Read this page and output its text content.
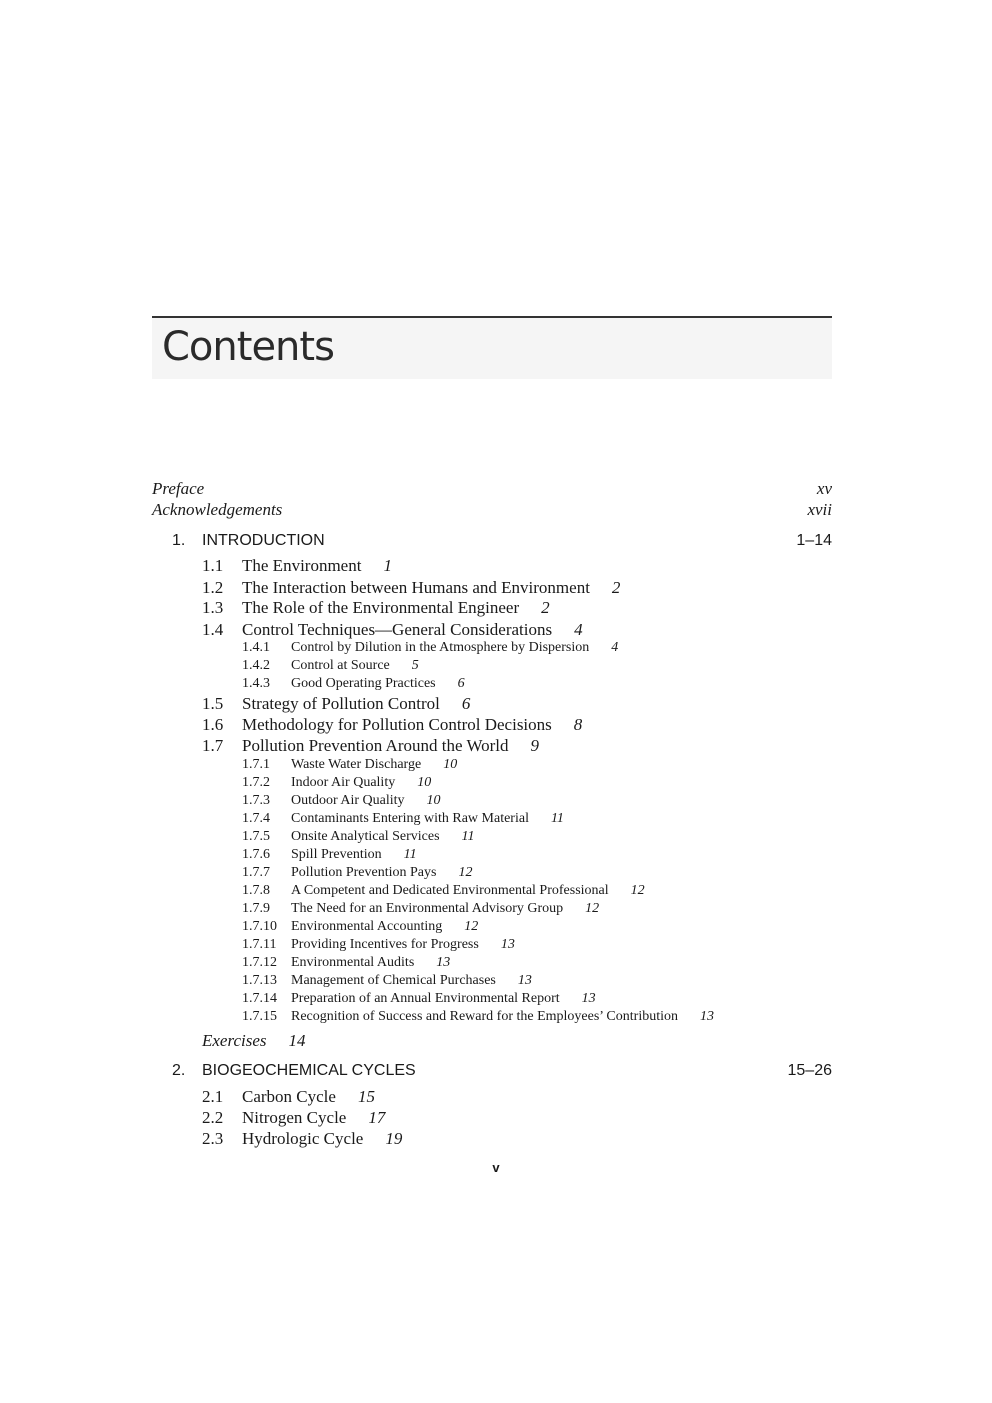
Contents
Preface	xv
Acknowledgements	xvii
1. INTRODUCTION	1–14
1.1 The Environment 1
1.2 The Interaction between Humans and Environment 2
1.3 The Role of the Environmental Engineer 2
1.4 Control Techniques—General Considerations 4
1.4.1 Control by Dilution in the Atmosphere by Dispersion 4
1.4.2 Control at Source 5
1.4.3 Good Operating Practices 6
1.5 Strategy of Pollution Control 6
1.6 Methodology for Pollution Control Decisions 8
1.7 Pollution Prevention Around the World 9
1.7.1 Waste Water Discharge 10
1.7.2 Indoor Air Quality 10
1.7.3 Outdoor Air Quality 10
1.7.4 Contaminants Entering with Raw Material 11
1.7.5 Onsite Analytical Services 11
1.7.6 Spill Prevention 11
1.7.7 Pollution Prevention Pays 12
1.7.8 A Competent and Dedicated Environmental Professional 12
1.7.9 The Need for an Environmental Advisory Group 12
1.7.10 Environmental Accounting 12
1.7.11 Providing Incentives for Progress 13
1.7.12 Environmental Audits 13
1.7.13 Management of Chemical Purchases 13
1.7.14 Preparation of an Annual Environmental Report 13
1.7.15 Recognition of Success and Reward for the Employees’ Contribution 13
Exercises 14
2. BIOGEOCHEMICAL CYCLES	15–26
2.1 Carbon Cycle 15
2.2 Nitrogen Cycle 17
2.3 Hydrologic Cycle 19
v
